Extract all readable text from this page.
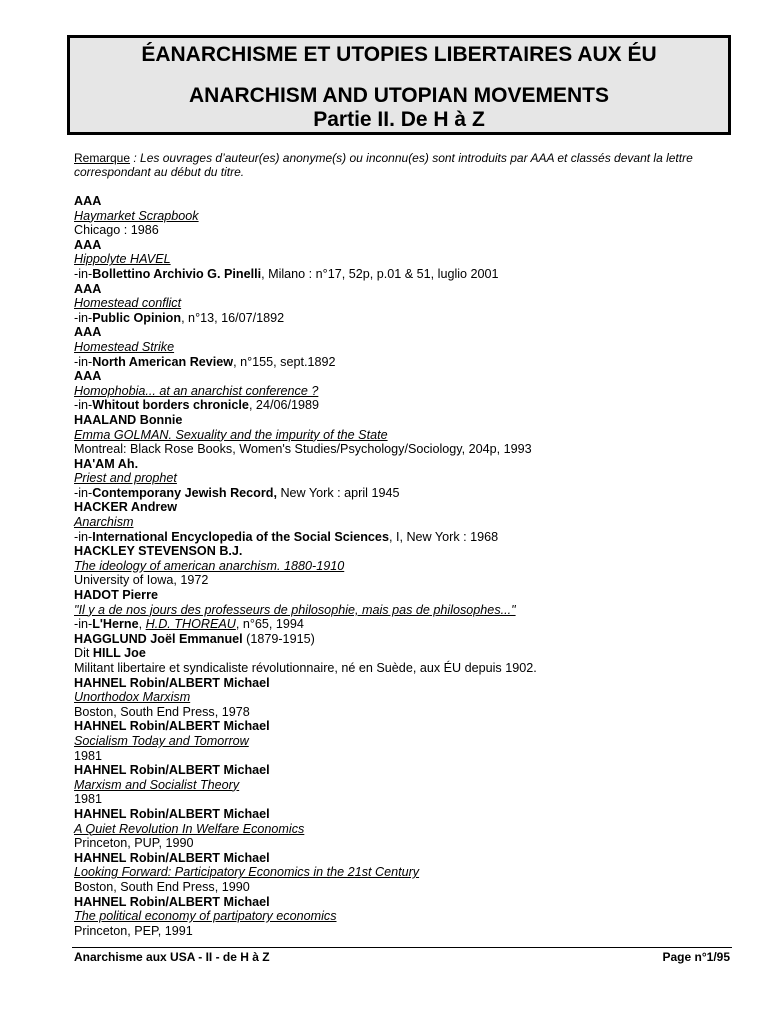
ÉANARCHISME ET UTOPIES LIBERTAIRES AUX ÉU
ANARCHISM AND UTOPIAN MOVEMENTS
Partie II. De H à Z
Remarque : Les ouvrages d’auteur(es) anonyme(s) ou inconnu(es) sont introduits par AAA et classés devant la lettre correspondant au début du titre.
AAA
Haymarket Scrapbook
Chicago : 1986
AAA
Hippolyte HAVEL
-in-Bollettino Archivio G. Pinelli, Milano : n°17, 52p, p.01 & 51, luglio 2001
AAA
Homestead conflict
-in-Public Opinion, n°13, 16/07/1892
AAA
Homestead Strike
-in-North American Review, n°155, sept.1892
AAA
Homophobia... at an anarchist conference ?
-in-Whitout borders chronicle, 24/06/1989
HAALAND Bonnie
Emma GOLMAN. Sexuality and the impurity of the State
Montreal: Black Rose Books, Women's Studies/Psychology/Sociology, 204p, 1993
HA'AM Ah.
Priest and prophet
-in-Contemporany Jewish Record, New York : april 1945
HACKER Andrew
Anarchism
-in-International Encyclopedia of the Social Sciences, I, New York : 1968
HACKLEY STEVENSON B.J.
The ideology of american anarchism. 1880-1910
University of Iowa, 1972
HADOT Pierre
"Il y a de nos jours des professeurs de philosophie, mais pas de philosophes..."
-in-L'Herne, H.D. THOREAU, n°65, 1994
HAGGLUND Joël Emmanuel (1879-1915)
Dit HILL Joe
Militant libertaire et syndicaliste révolutionnaire, né en Suède, aux ÉU depuis 1902.
HAHNEL Robin/ALBERT Michael
Unorthodox Marxism
Boston, South End Press, 1978
HAHNEL Robin/ALBERT Michael
Socialism Today and Tomorrow
1981
HAHNEL Robin/ALBERT Michael
Marxism and Socialist Theory
1981
HAHNEL Robin/ALBERT Michael
A Quiet Revolution In Welfare Economics
Princeton, PUP, 1990
HAHNEL Robin/ALBERT Michael
Looking Forward: Participatory Economics in the 21st Century
Boston, South End Press, 1990
HAHNEL Robin/ALBERT Michael
The political economy of partipatory economics
Princeton, PEP, 1991
Anarchisme aux USA - II - de H à Z	Page n°1/95
